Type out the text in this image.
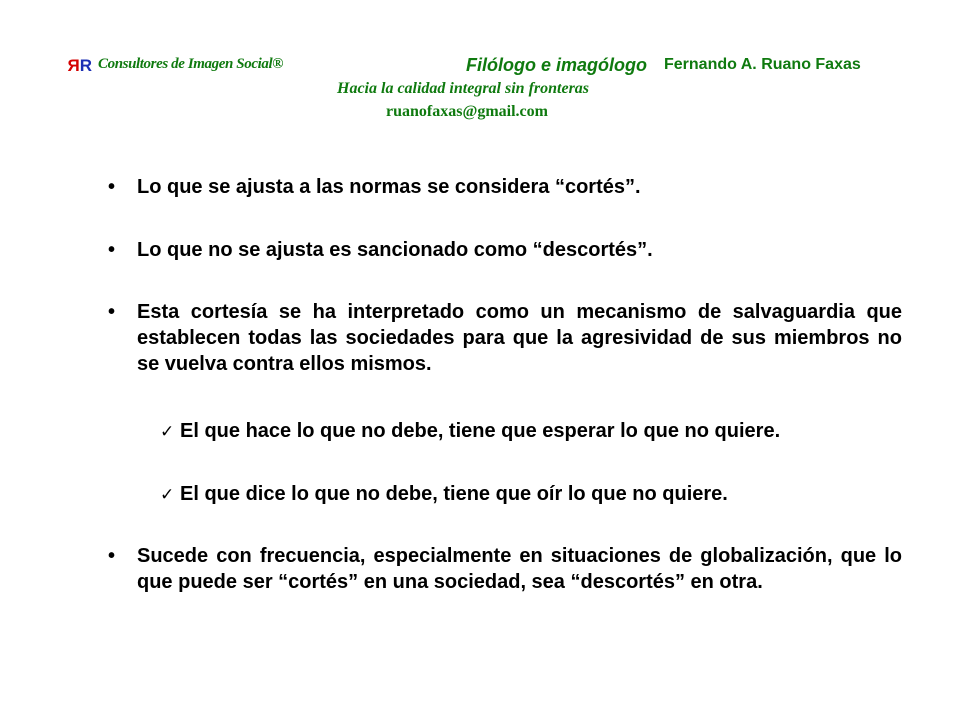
RR Consultores de Imagen Social®	Filólogo e imagólogo Fernando A. Ruano Faxas
Hacia la calidad integral sin fronteras
ruanofaxas@gmail.com
•	Lo que se ajusta a las normas se considera “cortés”.
•	Lo que no se ajusta es sancionado como “descortés”.
•	Esta cortesía se ha interpretado como un mecanismo de salvaguardia que establecen todas las sociedades para que la agresividad de sus miembros no se vuelva contra ellos mismos.
✓ El que hace lo que no debe, tiene que esperar lo que no quiere.
✓ El que dice lo que no debe, tiene que oír lo que no quiere.
•	Sucede con frecuencia, especialmente en situaciones de globalización, que lo que puede ser “cortés” en una sociedad, sea “descortés” en otra.
